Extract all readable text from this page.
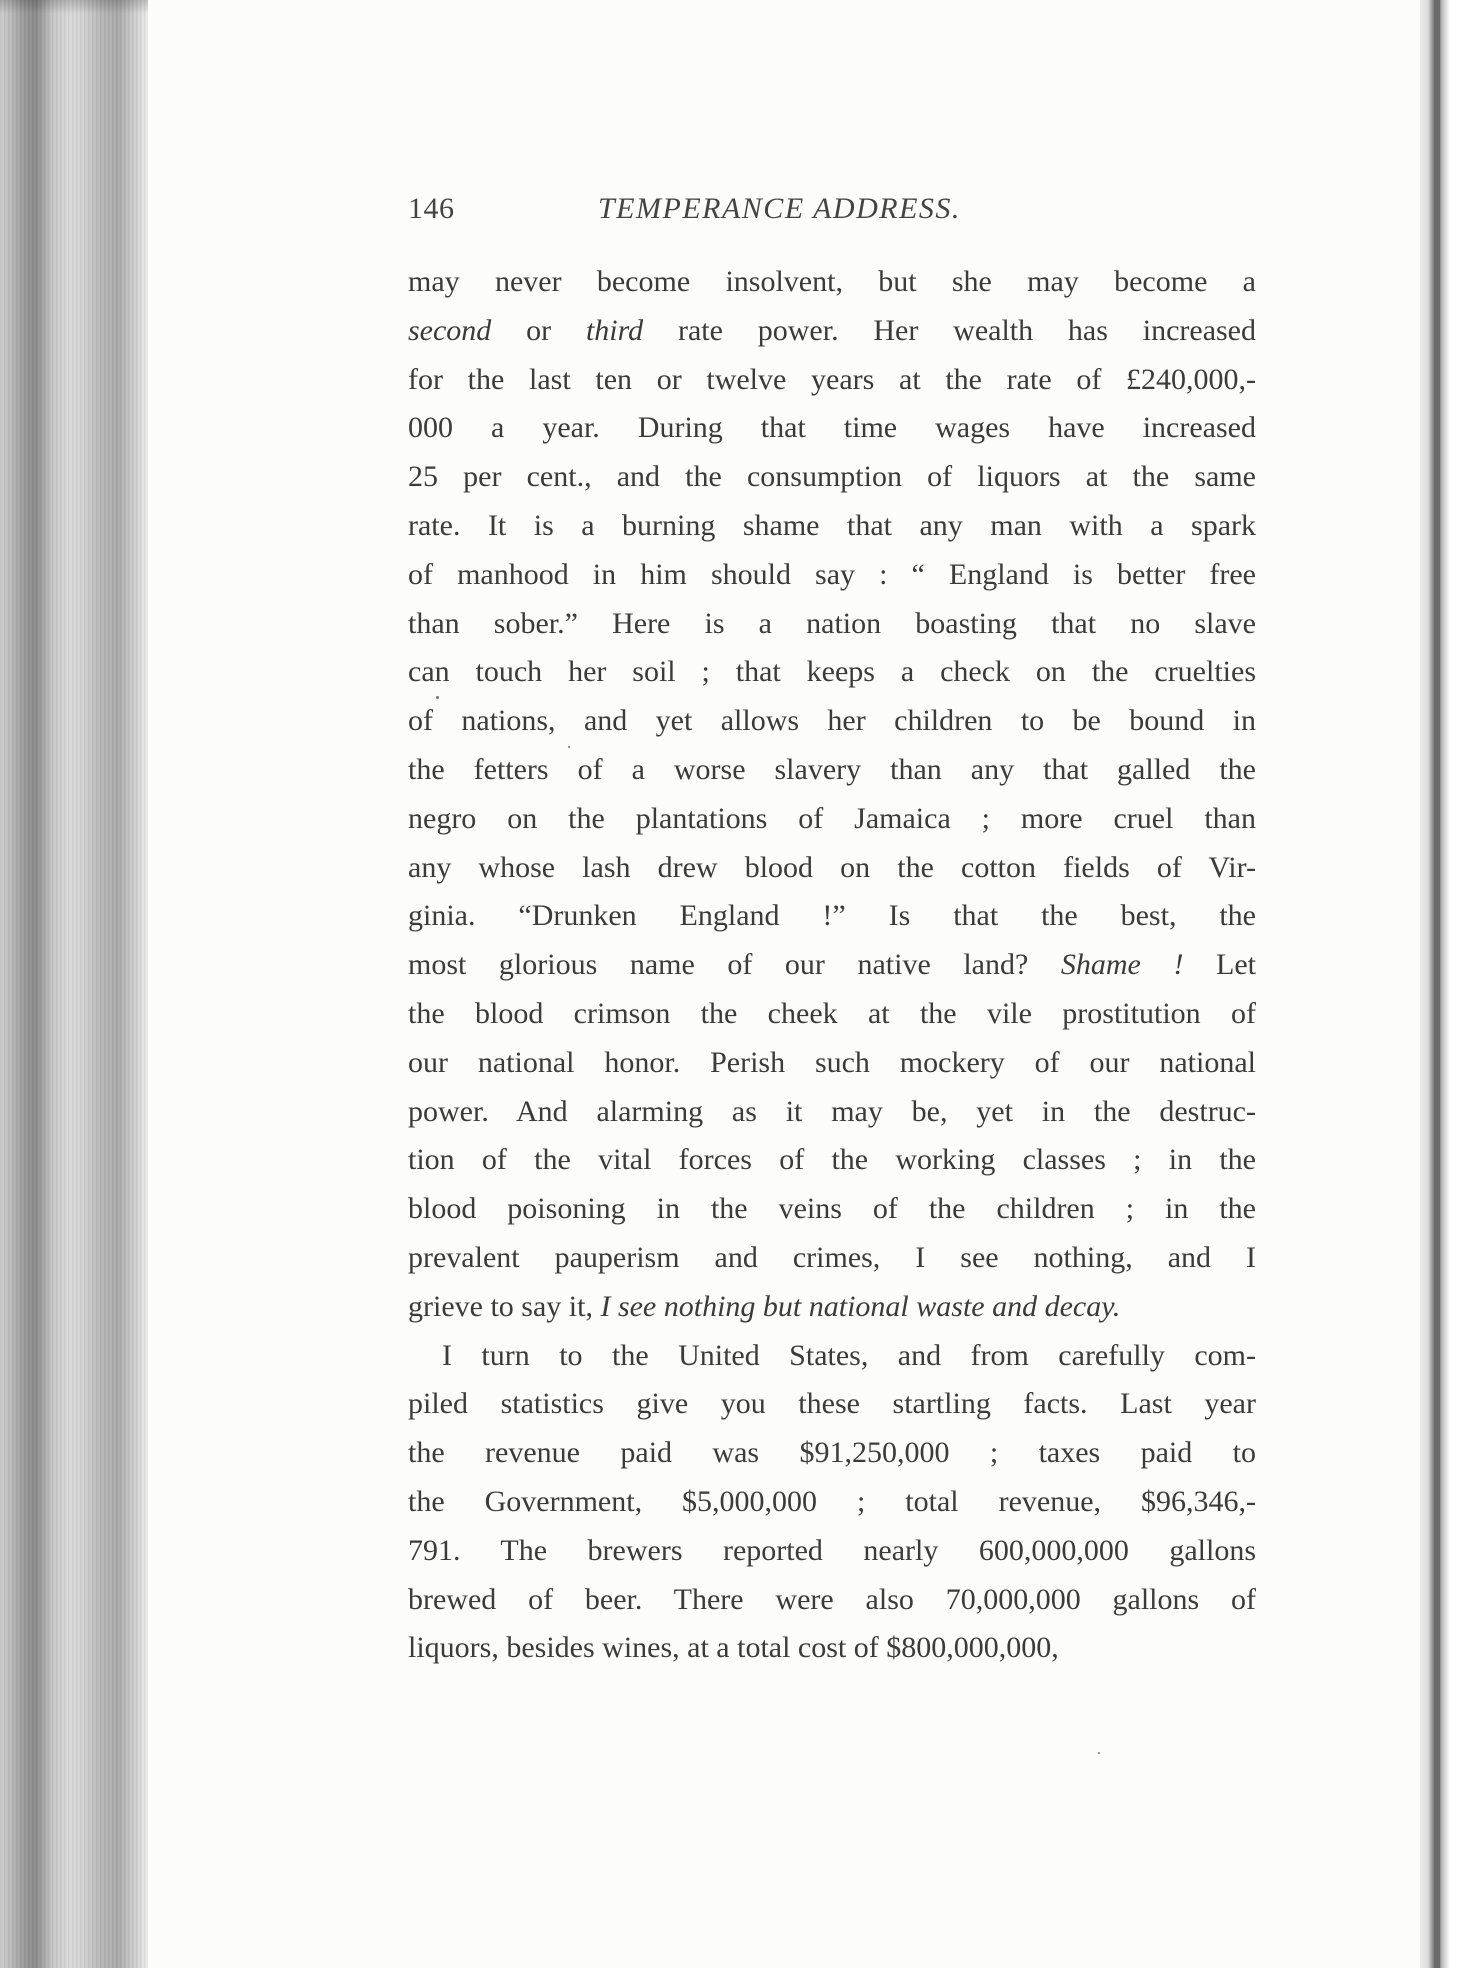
146	TEMPERANCE ADDRESS.
may never become insolvent, but she may become a
second or third rate power. Her wealth has increased
for the last ten or twelve years at the rate of £240,000,-
000 a year. During that time wages have increased
25 per cent., and the consumption of liquors at the same
rate. It is a burning shame that any man with a spark
of manhood in him should say : “ England is better free
than sober.” Here is a nation boasting that no slave
can touch her soil ; that keeps a check on the cruelties
of nations, and yet allows her children to be bound in
the fetters of a worse slavery than any that galled the
negro on the plantations of Jamaica ; more cruel than
any whose lash drew blood on the cotton fields of Vir-
ginia. “Drunken England !” Is that the best, the
most glorious name of our native land? Shame ! Let
the blood crimson the cheek at the vile prostitution of
our national honor. Perish such mockery of our national
power. And alarming as it may be, yet in the destruc-
tion of the vital forces of the working classes ; in the
blood poisoning in the veins of the children ; in the
prevalent pauperism and crimes, I see nothing, and I
grieve to say it, I see nothing but national waste and decay.
I turn to the United States, and from carefully com-
piled statistics give you these startling facts. Last year
the revenue paid was $91,250,000 ; taxes paid to
the Government, $5,000,000 ; total revenue, $96,346,-
791. The brewers reported nearly 600,000,000 gallons
brewed of beer. There were also 70,000,000 gallons of
liquors, besides wines, at a total cost of $800,000,000,
